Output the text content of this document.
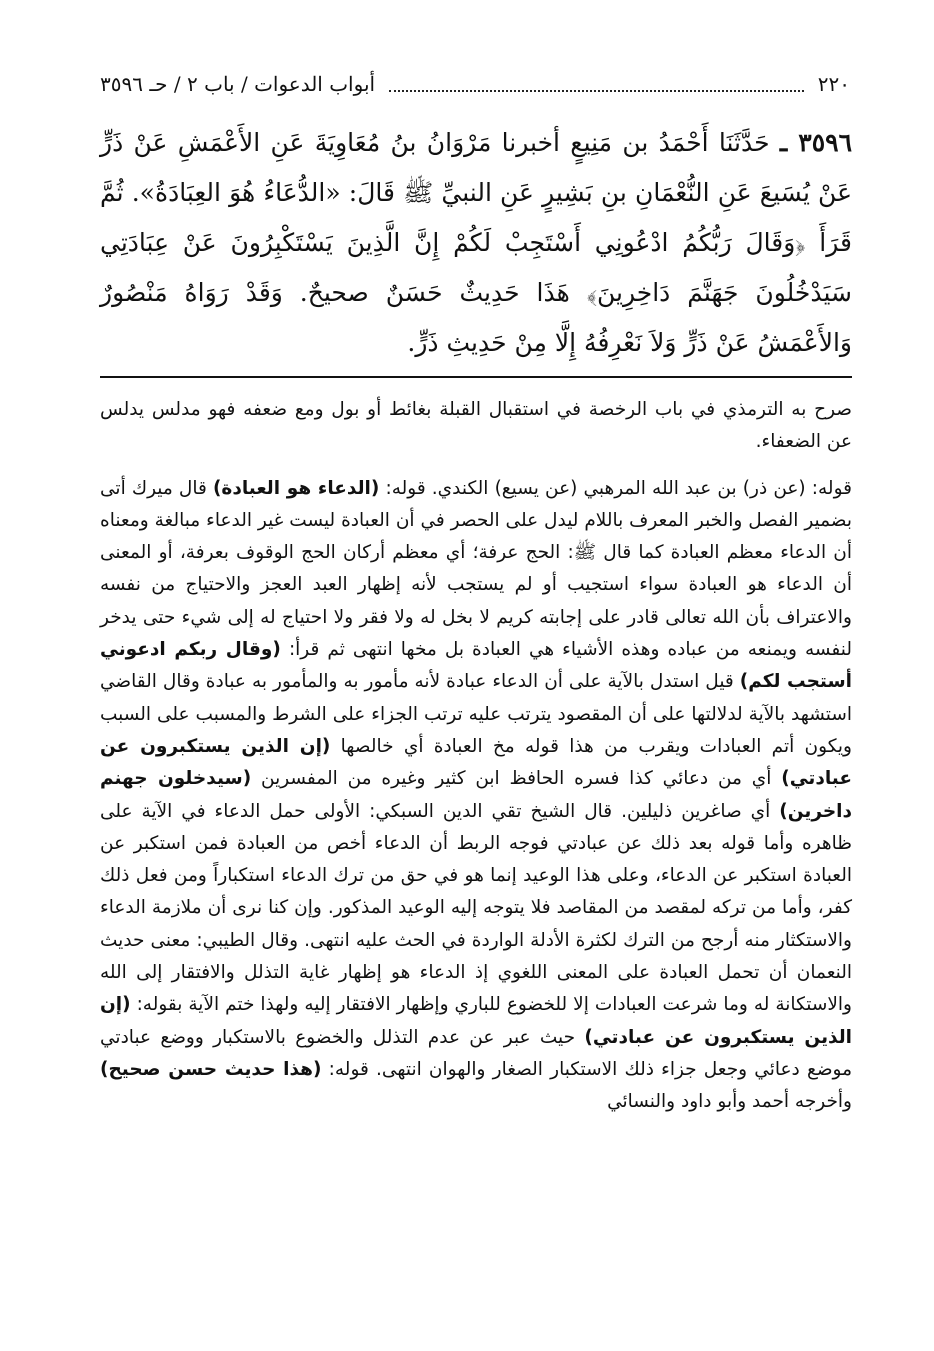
٢٢٠
أبواب الدعوات / باب ٢ / حـ ٣٥٩٦
٣٥٩٦ ـ حَدَّثَنَا أَحْمَدُ بن مَنِيعٍ أخبرنا مَرْوَانُ بنُ مُعَاوِيَةَ عَنِ الأَعْمَشِ عَنْ ذَرٍّ عَنْ يُسَيعَ عَنِ النُّعْمَانِ بنِ بَشِيرٍ عَنِ النبيِّ ﷺ قَالَ: «الدُّعَاءُ هُوَ العِبَادَةُ». ثُمَّ قَرَأَ ﴿وَقَالَ رَبُّكُمُ ادْعُونِي أَسْتَجِبْ لَكُمْ إِنَّ الَّذِينَ يَسْتَكْبِرُونَ عَنْ عِبَادَتِي سَيَدْخُلُونَ جَهَنَّمَ دَاخِرِينَ﴾ هَذَا حَدِيثٌ حَسَنٌ صحيحٌ. وَقَدْ رَوَاهُ مَنْصُورٌ وَالأَعْمَشُ عَنْ ذَرٍّ وَلاَ نَعْرِفُهُ إِلَّا مِنْ حَدِيثِ ذَرٍّ.

صرح به الترمذي في باب الرخصة في استقبال القبلة بغائط أو بول ومع ضعفه فهو مدلس يدلس عن الضعفاء.

قوله: (عن ذر) بن عبد الله المرهبي (عن يسيع) الكندي. قوله: (الدعاء هو العبادة) قال ميرك أتى بضمير الفصل والخبر المعرف باللام ليدل على الحصر في أن العبادة ليست غير الدعاء مبالغة ومعناه أن الدعاء معظم العبادة كما قال ﷺ: الحج عرفة؛ أي معظم أركان الحج الوقوف بعرفة، أو المعنى أن الدعاء هو العبادة سواء استجيب أو لم يستجب لأنه إظهار العبد العجز والاحتياج من نفسه والاعتراف بأن الله تعالى قادر على إجابته كريم لا بخل له ولا فقر ولا احتياج له إلى شيء حتى يدخر لنفسه ويمنعه من عباده وهذه الأشياء هي العبادة بل مخها انتهى ثم قرأ: (وقال ربكم ادعوني أستجب لكم) قيل استدل بالآية على أن الدعاء عبادة لأنه مأمور به والمأمور به عبادة وقال القاضي استشهد بالآية لدلالتها على أن المقصود يترتب عليه ترتب الجزاء على الشرط والمسبب على السبب ويكون أتم العبادات ويقرب من هذا قوله مخ العبادة أي خالصها (إن الذين يستكبرون عن عبادتي) أي من دعائي كذا فسره الحافظ ابن كثير وغيره من المفسرين (سيدخلون جهنم داخرين) أي صاغرين ذليلين. قال الشيخ تقي الدين السبكي: الأولى حمل الدعاء في الآية على ظاهره وأما قوله بعد ذلك عن عبادتي فوجه الربط أن الدعاء أخص من العبادة فمن استكبر عن العبادة استكبر عن الدعاء، وعلى هذا الوعيد إنما هو في حق من ترك الدعاء استكباراً ومن فعل ذلك كفر، وأما من تركه لمقصد من المقاصد فلا يتوجه إليه الوعيد المذكور. وإن كنا نرى أن ملازمة الدعاء والاستكثار منه أرجح من الترك لكثرة الأدلة الواردة في الحث عليه انتهى. وقال الطيبي: معنى حديث النعمان أن تحمل العبادة على المعنى اللغوي إذ الدعاء هو إظهار غاية التذلل والافتقار إلى الله والاستكانة له وما شرعت العبادات إلا للخضوع للباري وإظهار الافتقار إليه ولهذا ختم الآية بقوله: (إن الذين يستكبرون عن عبادتي) حيث عبر عن عدم التذلل والخضوع بالاستكبار ووضع عبادتي موضع دعائي وجعل جزاء ذلك الاستكبار الصغار والهوان انتهى. قوله: (هذا حديث حسن صحيح) وأخرجه أحمد وأبو داود والنسائي
